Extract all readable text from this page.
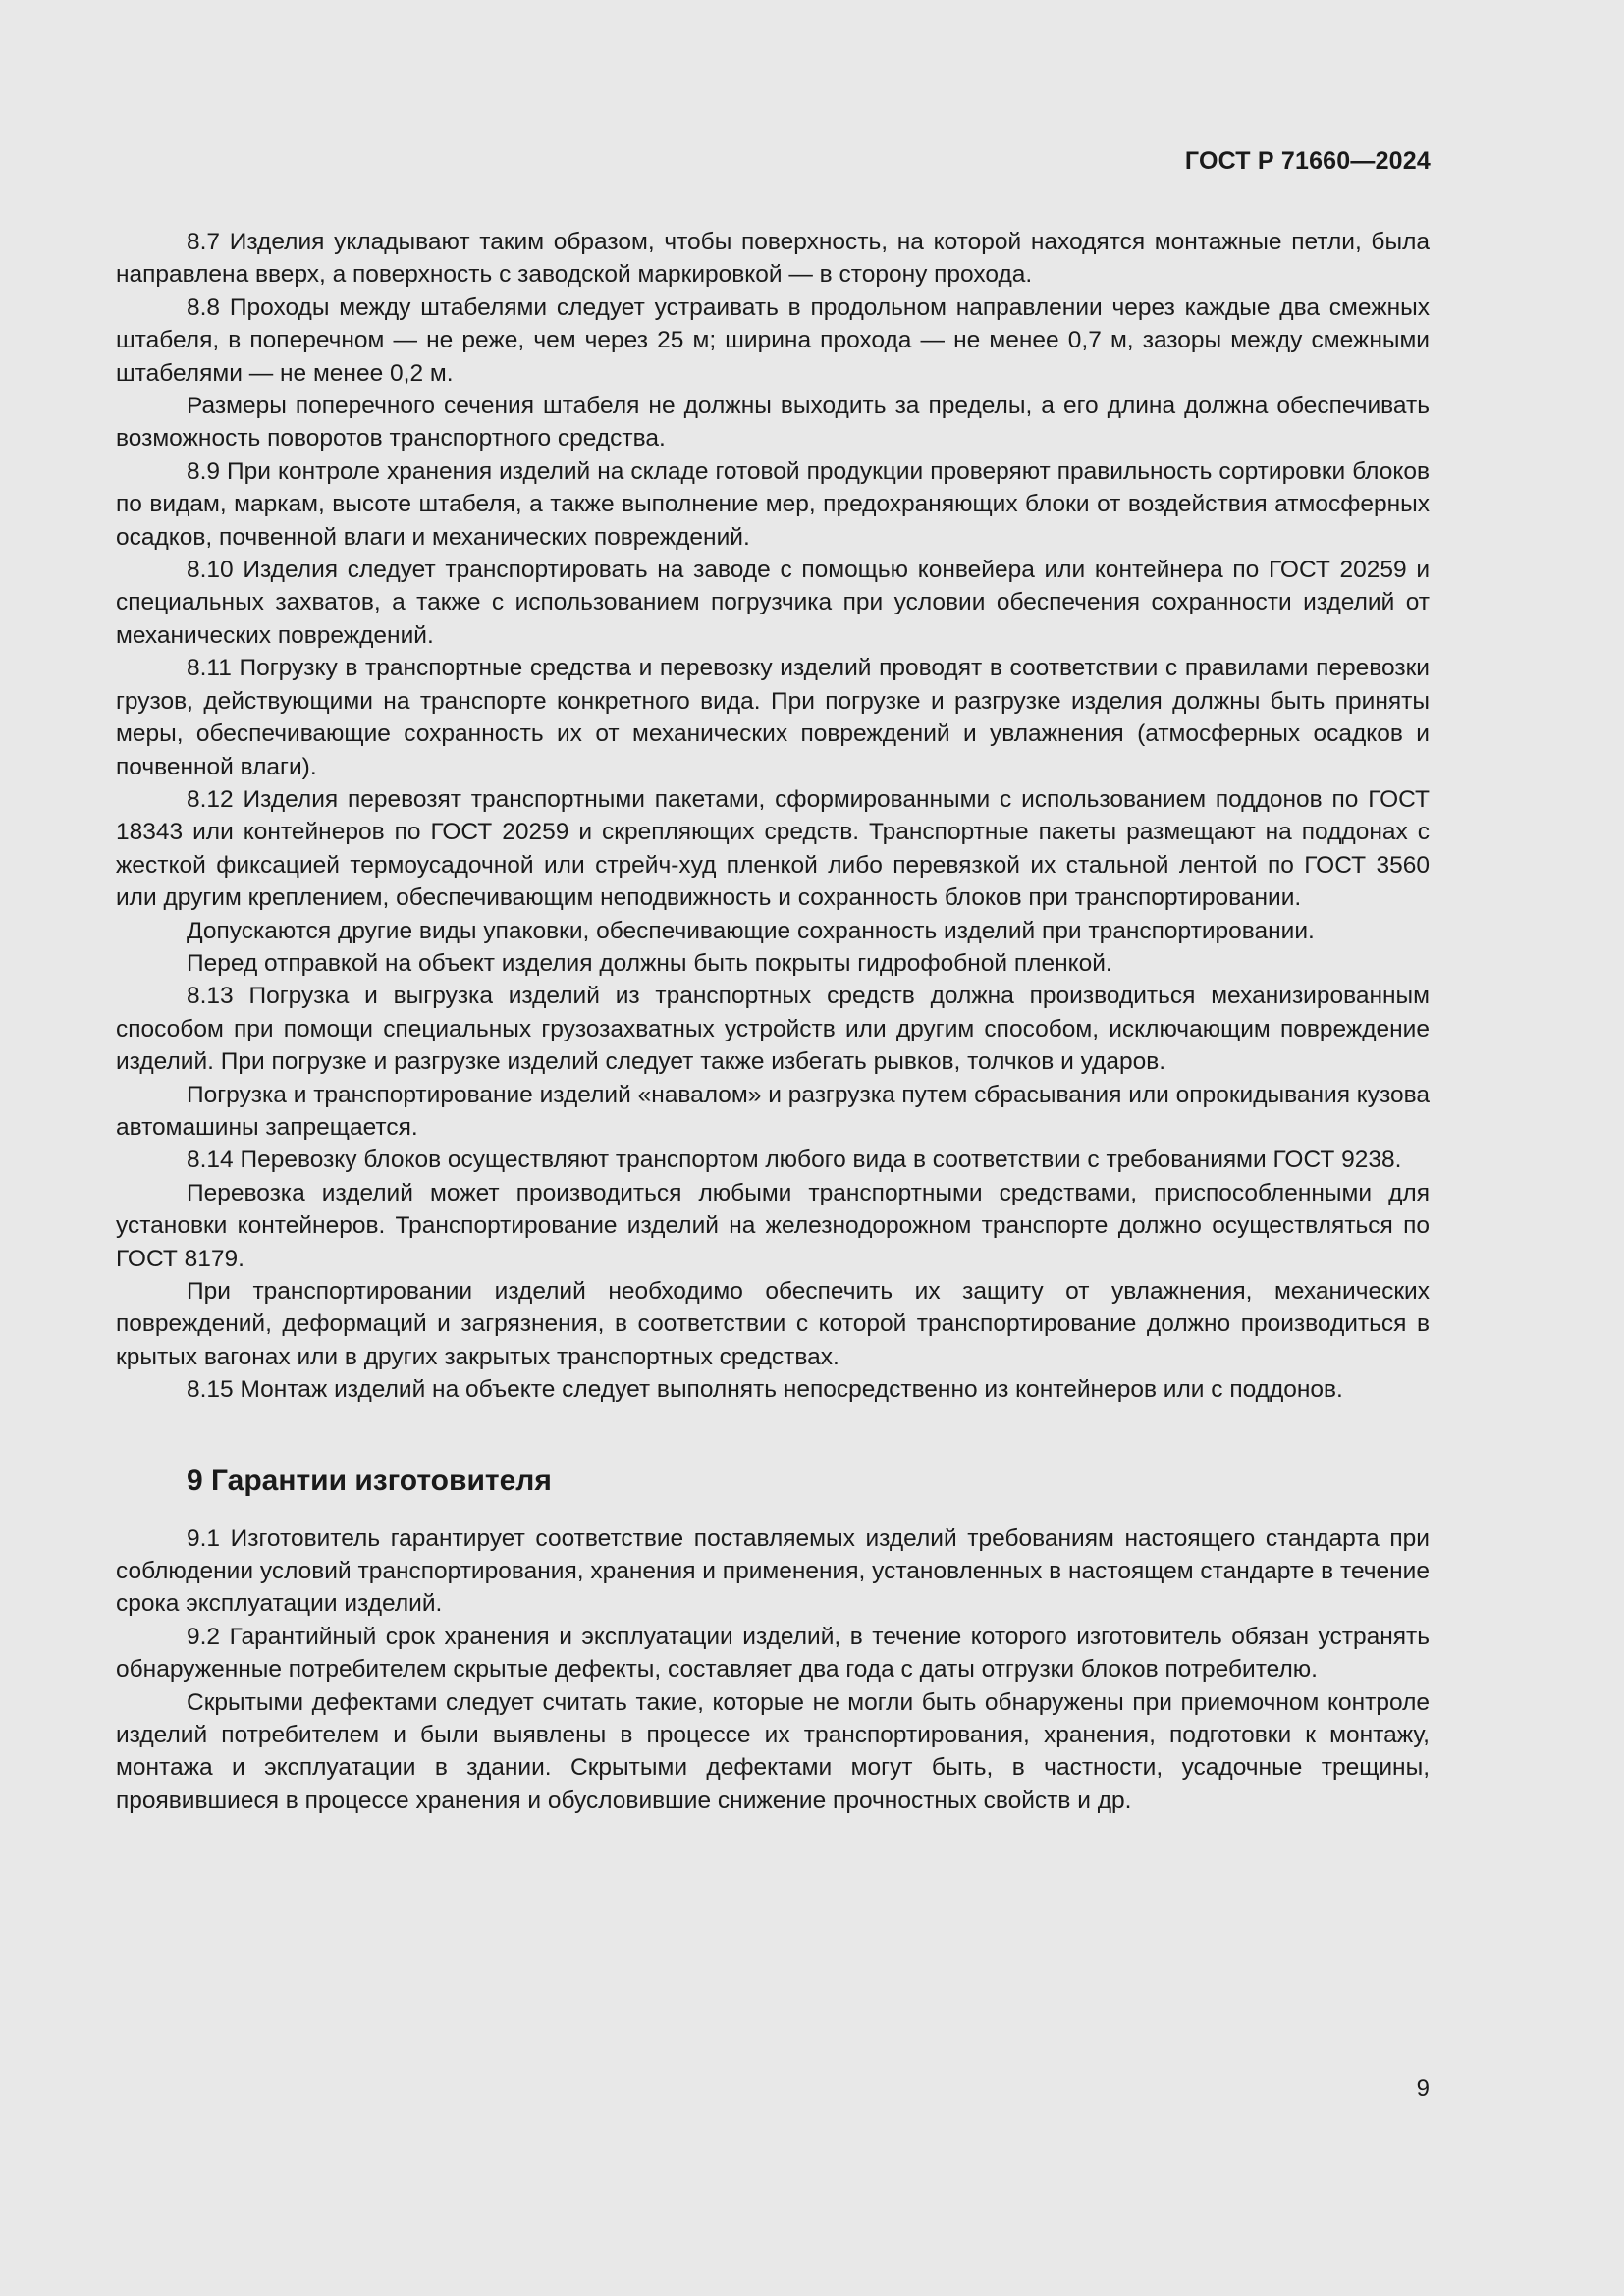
ГОСТ Р 71660—2024

8.7 Изделия укладывают таким образом, чтобы поверхность, на которой находятся монтажные петли, была направлена вверх, а поверхность с заводской маркировкой — в сторону прохода.

8.8 Проходы между штабелями следует устраивать в продольном направлении через каждые два смежных штабеля, в поперечном — не реже, чем через 25 м; ширина прохода — не менее 0,7 м, зазоры между смежными штабелями — не менее 0,2 м.

Размеры поперечного сечения штабеля не должны выходить за пределы, а его длина должна обеспечивать возможность поворотов транспортного средства.

8.9 При контроле хранения изделий на складе готовой продукции проверяют правильность сортировки блоков по видам, маркам, высоте штабеля, а также выполнение мер, предохраняющих блоки от воздействия атмосферных осадков, почвенной влаги и механических повреждений.

8.10 Изделия следует транспортировать на заводе с помощью конвейера или контейнера по ГОСТ 20259 и специальных захватов, а также с использованием погрузчика при условии обеспечения сохранности изделий от механических повреждений.

8.11 Погрузку в транспортные средства и перевозку изделий проводят в соответствии с правилами перевозки грузов, действующими на транспорте конкретного вида. При погрузке и разгрузке изделия должны быть приняты меры, обеспечивающие сохранность их от механических повреждений и увлажнения (атмосферных осадков и почвенной влаги).

8.12 Изделия перевозят транспортными пакетами, сформированными с использованием поддонов по ГОСТ 18343 или контейнеров по ГОСТ 20259 и скрепляющих средств. Транспортные пакеты размещают на поддонах с жесткой фиксацией термоусадочной или стрейч-худ пленкой либо перевязкой их стальной лентой по ГОСТ 3560 или другим креплением, обеспечивающим неподвижность и сохранность блоков при транспортировании.

Допускаются другие виды упаковки, обеспечивающие сохранность изделий при транспортировании.

Перед отправкой на объект изделия должны быть покрыты гидрофобной пленкой.

8.13 Погрузка и выгрузка изделий из транспортных средств должна производиться механизированным способом при помощи специальных грузозахватных устройств или другим способом, исключающим повреждение изделий. При погрузке и разгрузке изделий следует также избегать рывков, толчков и ударов.

Погрузка и транспортирование изделий «навалом» и разгрузка путем сбрасывания или опрокидывания кузова автомашины запрещается.

8.14 Перевозку блоков осуществляют транспортом любого вида в соответствии с требованиями ГОСТ 9238.

Перевозка изделий может производиться любыми транспортными средствами, приспособленными для установки контейнеров. Транспортирование изделий на железнодорожном транспорте должно осуществляться по ГОСТ 8179.

При транспортировании изделий необходимо обеспечить их защиту от увлажнения, механических повреждений, деформаций и загрязнения, в соответствии с которой транспортирование должно производиться в крытых вагонах или в других закрытых транспортных средствах.

8.15 Монтаж изделий на объекте следует выполнять непосредственно из контейнеров или с поддонов.

9 Гарантии изготовителя

9.1 Изготовитель гарантирует соответствие поставляемых изделий требованиям настоящего стандарта при соблюдении условий транспортирования, хранения и применения, установленных в настоящем стандарте в течение срока эксплуатации изделий.

9.2 Гарантийный срок хранения и эксплуатации изделий, в течение которого изготовитель обязан устранять обнаруженные потребителем скрытые дефекты, составляет два года с даты отгрузки блоков потребителю.

Скрытыми дефектами следует считать такие, которые не могли быть обнаружены при приемочном контроле изделий потребителем и были выявлены в процессе их транспортирования, хранения, подготовки к монтажу, монтажа и эксплуатации в здании. Скрытыми дефектами могут быть, в частности, усадочные трещины, проявившиеся в процессе хранения и обусловившие снижение прочностных свойств и др.

9
